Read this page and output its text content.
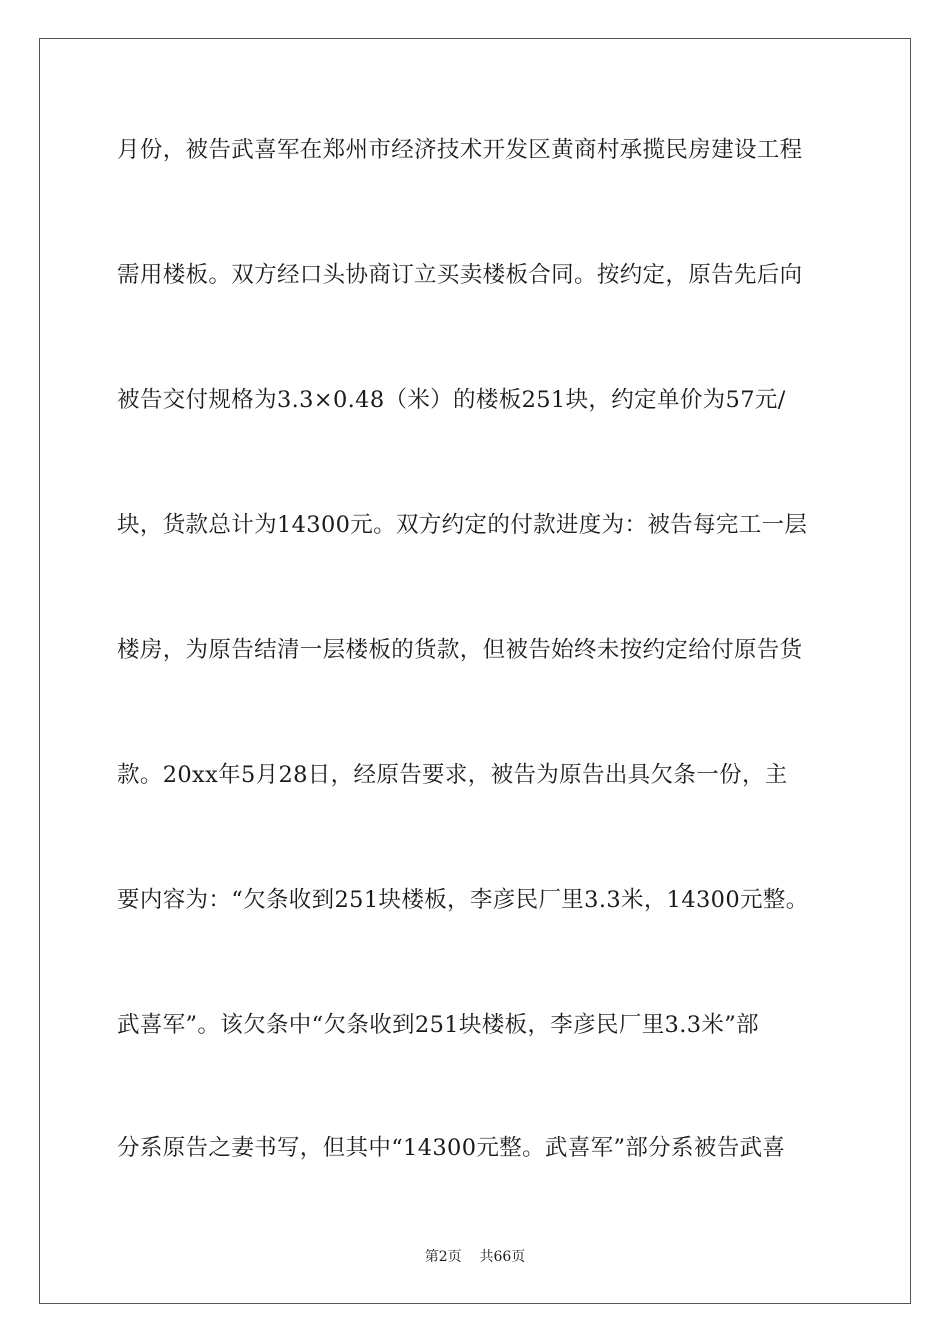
月份，被告武喜军在郑州市经济技术开发区黄商村承揽民房建设工程
需用楼板。双方经口头协商订立买卖楼板合同。按约定，原告先后向
被告交付规格为3.3×0.48（米）的楼板251块，约定单价为57元/
块，货款总计为14300元。双方约定的付款进度为：被告每完工一层
楼房，为原告结清一层楼板的货款，但被告始终未按约定给付原告货
款。20xx年5月28日，经原告要求，被告为原告出具欠条一份，主
要内容为：“欠条收到251块楼板，李彦民厂里3.3米，14300元整。
武喜军”。该欠条中“欠条收到251块楼板，李彦民厂里3.3米”部
分系原告之妻书写，但其中“14300元整。武喜军”部分系被告武喜
第2页 共66页
